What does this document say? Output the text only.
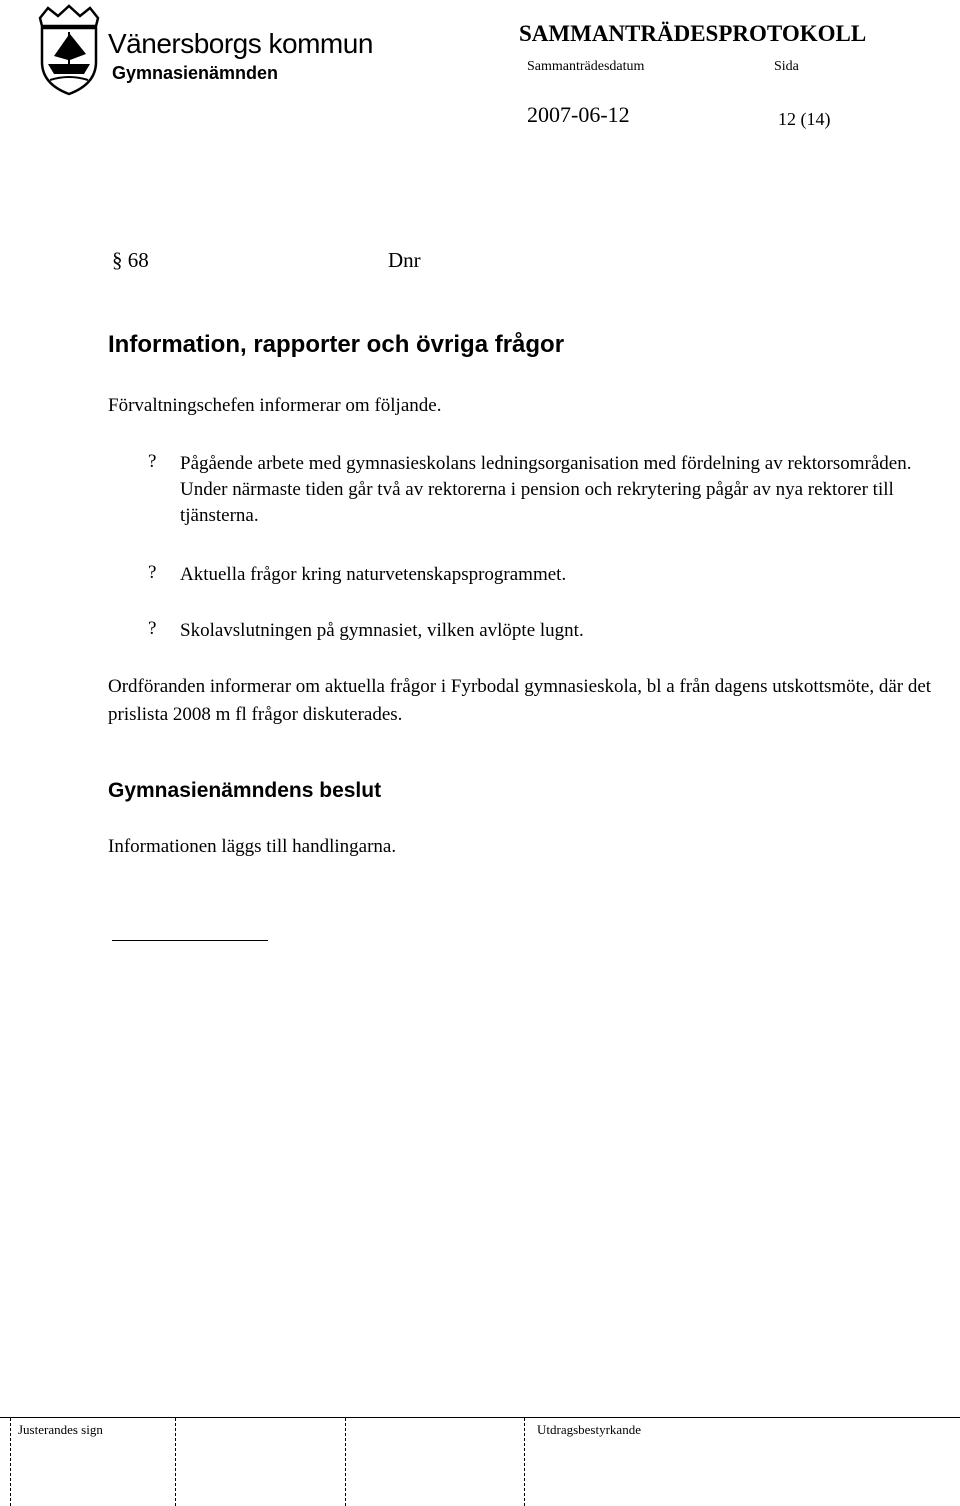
Vänersborgs kommun
Gymnasienämnden
SAMMANTRÄDESPROTOKOLL
Sammanträdesdatum	Sida
2007-06-12	12 (14)
§ 68	Dnr
Information, rapporter och övriga frågor
Förvaltningschefen informerar om följande.
? Pågående arbete med gymnasieskolans ledningsorganisation med fördelning av rektorsområden. Under närmaste tiden går två av rektorerna i pension och rekrytering pågår av nya rektorer till tjänsterna.
? Aktuella frågor kring naturvetenskapsprogrammet.
? Skolavslutningen på gymnasiet, vilken avlöpte lugnt.
Ordföranden informerar om aktuella frågor i Fyrbodal gymnasieskola, bl a från dagens utskottsmöte, där det prislista 2008 m fl frågor diskuterades.
Gymnasienämndens beslut
Informationen läggs till handlingarna.
Justerandes sign	Utdragsbestyrkande
